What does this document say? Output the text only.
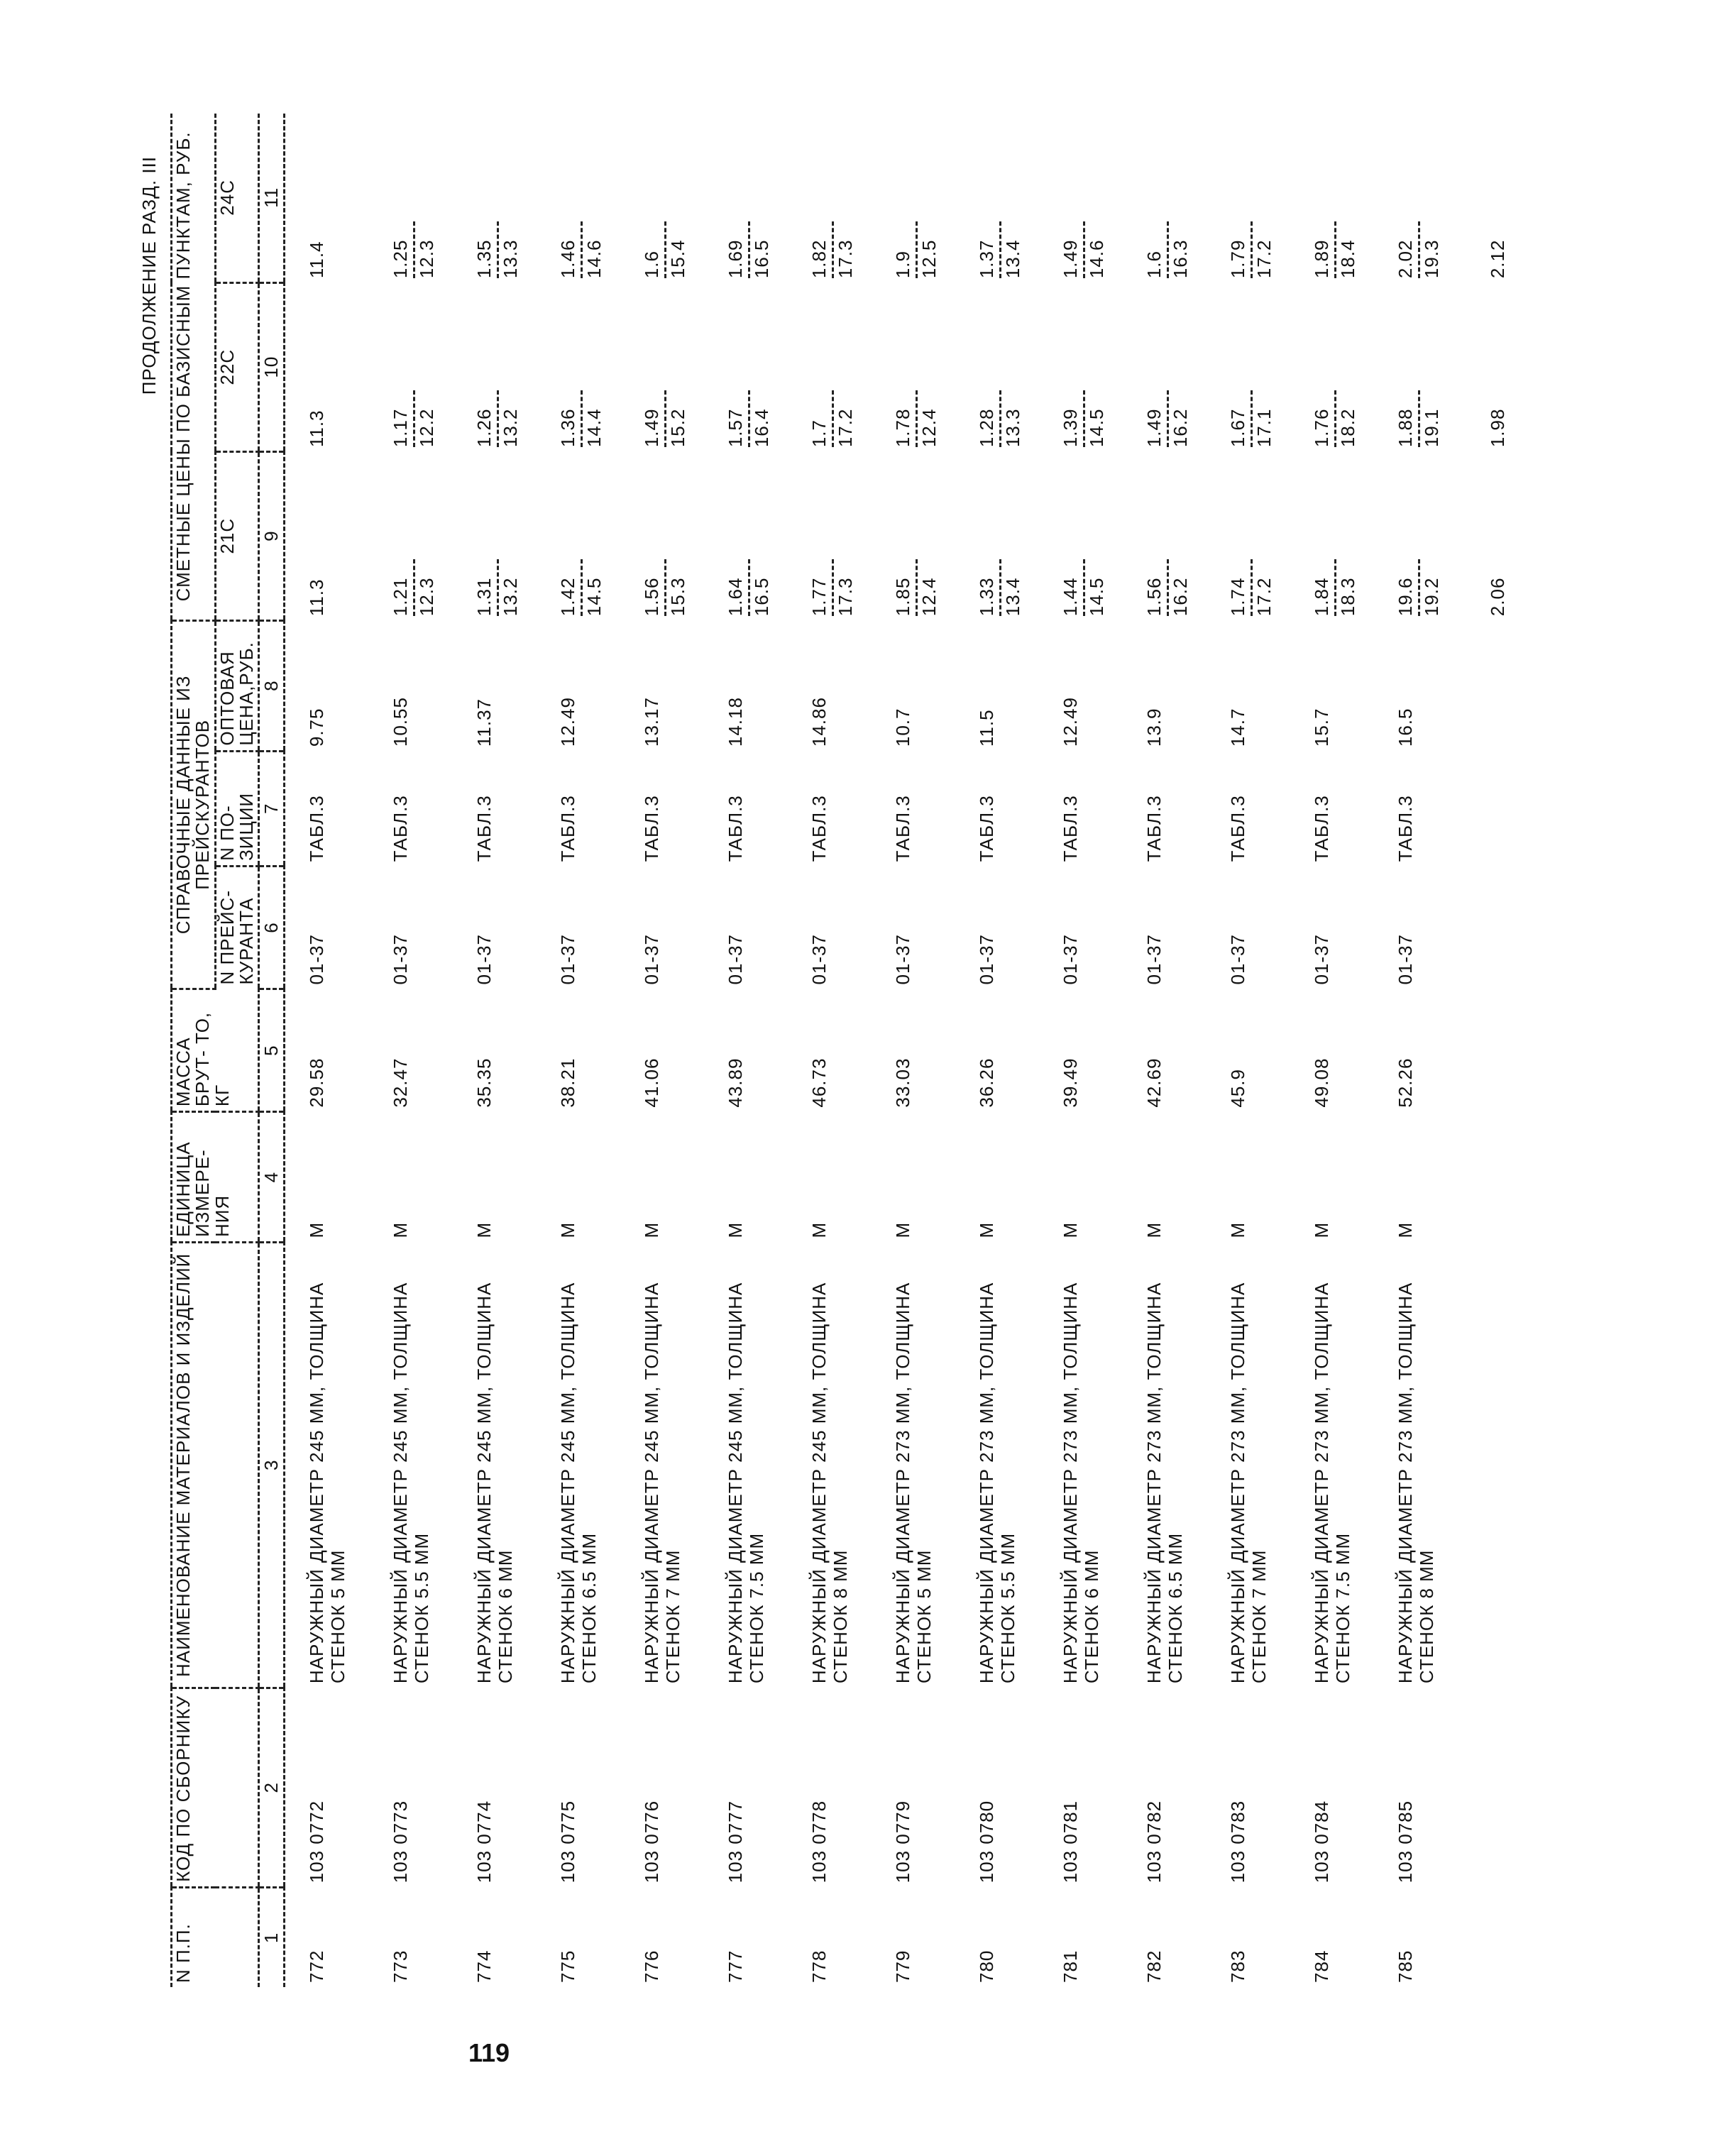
ПРОДОЛЖЕНИЕ РАЗД. III
N П.П.	КОД ПО СБОРНИКУ	НАИМЕНОВАНИЕ МАТЕРИАЛОВ И ИЗДЕЛИЙ	ЕДИНИЦА ИЗМЕРЕ- НИЯ	МАССА БРУТ- ТО, КГ	СПРАВОЧНЫЕ ДАННЫЕ ИЗ ПРЕЙСКУРАНТОВ			СМЕТНЫЕ ЦЕНЫ ПО БАЗИСНЫМ ПУНКТАМ, РУБ.		
					N ПРЕЙС- КУРАНТА	N ПО- ЗИЦИИ	ОПТОВАЯ ЦЕНА,РУБ.	21С	22С	24С
1	2	3	4	5	6	7	8	9	10	11
772	103 0772	НАРУЖНЫЙ ДИАМЕТР 245 ММ, ТОЛЩИНА СТЕНОК 5 ММ	М	29.58	01-37	ТАБЛ.3	9.75	11.3	11.3	11.4
773	103 0773	НАРУЖНЫЙ ДИАМЕТР 245 ММ, ТОЛЩИНА СТЕНОК 5.5 ММ	М	32.47	01-37	ТАБЛ.3	10.55	1.21 12.3	1.17 12.2	1.25 12.3

774	103 0774	НАРУЖНЫЙ ДИАМЕТР 245 ММ, ТОЛЩИНА СТЕНОК 6 ММ	М	35.35	01-37	ТАБЛ.3	11.37	1.31 13.2	1.26 13.2	1.35 13.3

775	103 0775	НАРУЖНЫЙ ДИАМЕТР 245 ММ, ТОЛЩИНА СТЕНОК 6.5 ММ	М	38.21	01-37	ТАБЛ.3	12.49	1.42 14.5	1.36 14.4	1.46 14.6

776	103 0776	НАРУЖНЫЙ ДИАМЕТР 245 ММ, ТОЛЩИНА СТЕНОК 7 ММ	М	41.06	01-37	ТАБЛ.3	13.17	1.56 15.3	1.49 15.2	1.6 15.4

777	103 0777	НАРУЖНЫЙ ДИАМЕТР 245 ММ, ТОЛЩИНА СТЕНОК 7.5 ММ	М	43.89	01-37	ТАБЛ.3	14.18	1.64 16.5	1.57 16.4	1.69 16.5

778	103 0778	НАРУЖНЫЙ ДИАМЕТР 245 ММ, ТОЛЩИНА СТЕНОК 8 ММ	М	46.73	01-37	ТАБЛ.3	14.86	1.77 17.3	1.7 17.2	1.82 17.3

779	103 0779	НАРУЖНЫЙ ДИАМЕТР 273 ММ, ТОЛЩИНА СТЕНОК 5 ММ	М	33.03	01-37	ТАБЛ.3	10.7	1.85 12.4	1.78 12.4	1.9 12.5

780	103 0780	НАРУЖНЫЙ ДИАМЕТР 273 ММ, ТОЛЩИНА СТЕНОК 5.5 ММ	М	36.26	01-37	ТАБЛ.3	11.5	1.33 13.4	1.28 13.3	1.37 13.4

781	103 0781	НАРУЖНЫЙ ДИАМЕТР 273 ММ, ТОЛЩИНА СТЕНОК 6 ММ	М	39.49	01-37	ТАБЛ.3	12.49	1.44 14.5	1.39 14.5	1.49 14.6

782	103 0782	НАРУЖНЫЙ ДИАМЕТР 273 ММ, ТОЛЩИНА СТЕНОК 6.5 ММ	М	42.69	01-37	ТАБЛ.3	13.9	1.56 16.2	1.49 16.2	1.6 16.3

783	103 0783	НАРУЖНЫЙ ДИАМЕТР 273 ММ, ТОЛЩИНА СТЕНОК 7 ММ	М	45.9	01-37	ТАБЛ.3	14.7	1.74 17.2	1.67 17.1	1.79 17.2

784	103 0784	НАРУЖНЫЙ ДИАМЕТР 273 ММ, ТОЛЩИНА СТЕНОК 7.5 ММ	М	49.08	01-37	ТАБЛ.3	15.7	1.84 18.3	1.76 18.2	1.89 18.4

785	103 0785	НАРУЖНЫЙ ДИАМЕТР 273 ММ, ТОЛЩИНА СТЕНОК 8 ММ	М	52.26	01-37	ТАБЛ.3	16.5	19.6 19.2	1.88 19.1	2.02 19.3

								2.06	1.98	2.12
119
